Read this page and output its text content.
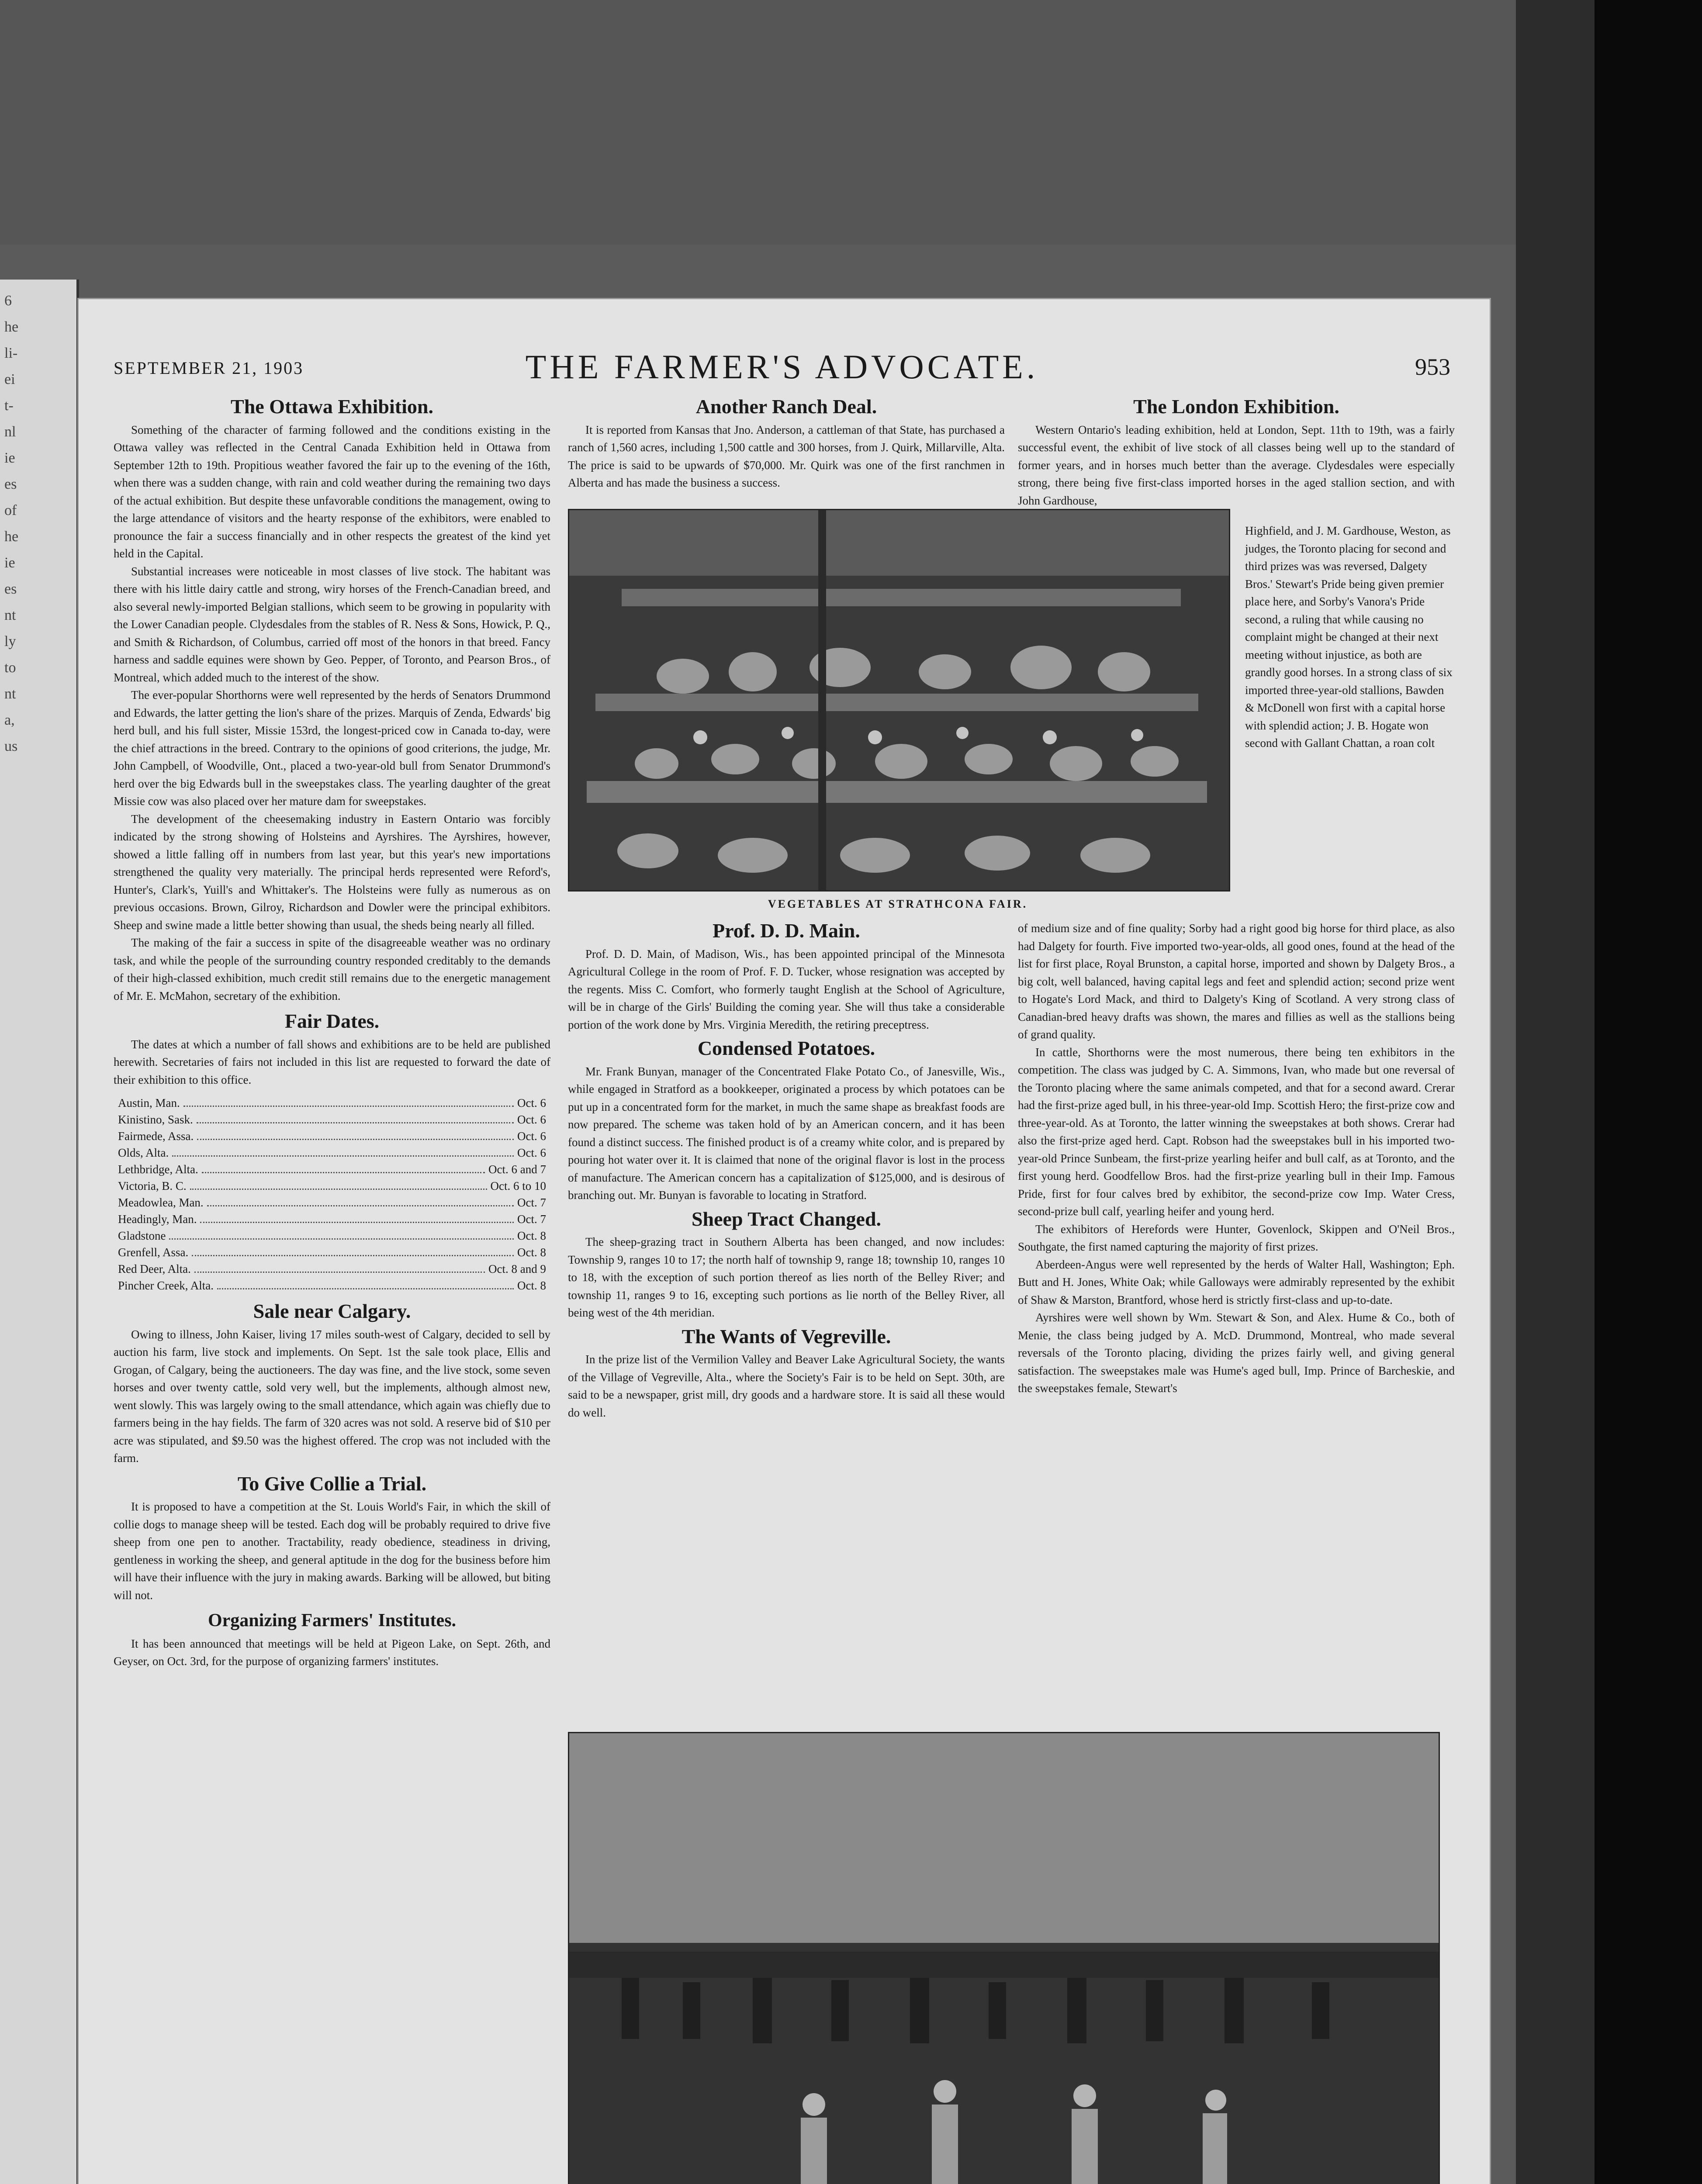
6
he
li-
ei
t-
nl
ie
es
of
he
ie
es
nt
ly
to
nt
a,
us
SEPTEMBER 21, 1903	THE FARMER'S ADVOCATE.	953
The Ottawa Exhibition.

Something of the character of farming followed and the conditions existing in the Ottawa valley was reflected in the Central Canada Exhibition held in Ottawa from September 12th to 19th. Propitious weather favored the fair up to the evening of the 16th, when there was a sudden change, with rain and cold weather during the remaining two days of the actual exhibition. But despite these unfavorable conditions the management, owing to the large attendance of visitors and the hearty response of the exhibitors, were enabled to pronounce the fair a success financially and in other respects the greatest of the kind yet held in the Capital.

Substantial increases were noticeable in most classes of live stock. The habitant was there with his little dairy cattle and strong, wiry horses of the French-Canadian breed, and also several newly-imported Belgian stallions, which seem to be growing in popularity with the Lower Canadian people. Clydesdales from the stables of R. Ness & Sons, Howick, P. Q., and Smith & Richardson, of Columbus, carried off most of the honors in that breed. Fancy harness and saddle equines were shown by Geo. Pepper, of Toronto, and Pearson Bros., of Montreal, which added much to the interest of the show.

The ever-popular Shorthorns were well represented by the herds of Senators Drummond and Edwards, the latter getting the lion's share of the prizes. Marquis of Zenda, Edwards' big herd bull, and his full sister, Missie 153rd, the longest-priced cow in Canada to-day, were the chief attractions in the breed. Contrary to the opinions of good criterions, the judge, Mr. John Campbell, of Woodville, Ont., placed a two-year-old bull from Senator Drummond's herd over the big Edwards bull in the sweepstakes class. The yearling daughter of the great Missie cow was also placed over her mature dam for sweepstakes.

The development of the cheesemaking industry in Eastern Ontario was forcibly indicated by the strong showing of Holsteins and Ayrshires. The Ayrshires, however, showed a little falling off in numbers from last year, but this year's new importations strengthened the quality very materially. The principal herds represented were Reford's, Hunter's, Clark's, Yuill's and Whittaker's. The Holsteins were fully as numerous as on previous occasions. Brown, Gilroy, Richardson and Dowler were the principal exhibitors. Sheep and swine made a little better showing than usual, the sheds being nearly all filled.

The making of the fair a success in spite of the disagreeable weather was no ordinary task, and while the people of the surrounding country responded creditably to the demands of their high-classed exhibition, much credit still remains due to the energetic management of Mr. E. McMahon, secretary of the exhibition.

Fair Dates.

The dates at which a number of fall shows and exhibitions are to be held are published herewith. Secretaries of fairs not included in this list are requested to forward the date of their exhibition to this office.

Austin, Man.	Oct. 6
Kinistino, Sask.	Oct. 6
Fairmede, Assa.	Oct. 6
Olds, Alta.	Oct. 6
Lethbridge, Alta.	Oct. 6 and 7
Victoria, B. C.	Oct. 6 to 10
Meadowlea, Man.	Oct. 7
Headingly, Man.	Oct. 7
Gladstone	Oct. 8
Grenfell, Assa.	Oct. 8
Red Deer, Alta.	Oct. 8 and 9
Pincher Creek, Alta.	Oct. 8
Sale near Calgary.

Owing to illness, John Kaiser, living 17 miles south-west of Calgary, decided to sell by auction his farm, live stock and implements. On Sept. 1st the sale took place, Ellis and Grogan, of Calgary, being the auctioneers. The day was fine, and the live stock, some seven horses and over twenty cattle, sold very well, but the implements, although almost new, went slowly. This was largely owing to the small attendance, which again was chiefly due to farmers being in the hay fields. The farm of 320 acres was not sold. A reserve bid of $10 per acre was stipulated, and $9.50 was the highest offered. The crop was not included with the farm.

To Give Collie a Trial.

It is proposed to have a competition at the St. Louis World's Fair, in which the skill of collie dogs to manage sheep will be tested. Each dog will be probably required to drive five sheep from one pen to another. Tractability, ready obedience, steadiness in driving, gentleness in working the sheep, and general aptitude in the dog for the business before him will have their influence with the jury in making awards. Barking will be allowed, but biting will not.

Organizing Farmers' Institutes.

It has been announced that meetings will be held at Pigeon Lake, on Sept. 26th, and Geyser, on Oct. 3rd, for the purpose of organizing farmers' institutes.

Another Ranch Deal.

It is reported from Kansas that Jno. Anderson, a cattleman of that State, has purchased a ranch of 1,560 acres, including 1,500 cattle and 300 horses, from J. Quirk, Millarville, Alta. The price is said to be upwards of $70,000. Mr. Quirk was one of the first ranchmen in Alberta and has made the business a success.

VEGETABLES AT STRATHCONA FAIR.
Prof. D. D. Main.

Prof. D. D. Main, of Madison, Wis., has been appointed principal of the Minnesota Agricultural College in the room of Prof. F. D. Tucker, whose resignation was accepted by the regents. Miss C. Comfort, who formerly taught English at the School of Agriculture, will be in charge of the Girls' Building the coming year. She will thus take a considerable portion of the work done by Mrs. Virginia Meredith, the retiring preceptress.

Condensed Potatoes.

Mr. Frank Bunyan, manager of the Concentrated Flake Potato Co., of Janesville, Wis., while engaged in Stratford as a bookkeeper, originated a process by which potatoes can be put up in a concentrated form for the market, in much the same shape as breakfast foods are now prepared. The scheme was taken hold of by an American concern, and it has been found a distinct success. The finished product is of a creamy white color, and is prepared by pouring hot water over it. It is claimed that none of the original flavor is lost in the process of manufacture. The American concern has a capitalization of $125,000, and is desirous of branching out. Mr. Bunyan is favorable to locating in Stratford.

Sheep Tract Changed.

The sheep-grazing tract in Southern Alberta has been changed, and now includes: Township 9, ranges 10 to 17; the north half of township 9, range 18; township 10, ranges 10 to 18, with the exception of such portion thereof as lies north of the Belley River; and township 11, ranges 9 to 16, excepting such portions as lie north of the Belley River, all being west of the 4th meridian.

The Wants of Vegreville.

In the prize list of the Vermilion Valley and Beaver Lake Agricultural Society, the wants of the Village of Vegreville, Alta., where the Society's Fair is to be held on Sept. 30th, are said to be a newspaper, grist mill, dry goods and a hardware store. It is said all these would do well.

The London Exhibition.

Western Ontario's leading exhibition, held at London, Sept. 11th to 19th, was a fairly successful event, the exhibit of live stock of all classes being well up to the standard of former years, and in horses much better than the average. Clydesdales were especially strong, there being five first-class imported horses in the aged stallion section, and with John Gardhouse,

Highfield, and J. M. Gardhouse, Weston, as judges, the Toronto placing for second and third prizes was was reversed, Dalgety Bros.' Stewart's Pride being given premier place here, and Sorby's Vanora's Pride second, a ruling that while causing no complaint might be changed at their next meeting without injustice, as both are grandly good horses. In a strong class of six imported three-year-old stallions, Bawden & McDonell won first with a capital horse with splendid action; J. B. Hogate won second with Gallant Chattan, a roan colt

of medium size and of fine quality; Sorby had a right good big horse for third place, as also had Dalgety for fourth. Five imported two-year-olds, all good ones, found at the head of the list for first place, Royal Brunston, a capital horse, imported and shown by Dalgety Bros., a big colt, well balanced, having capital legs and feet and splendid action; second prize went to Hogate's Lord Mack, and third to Dalgety's King of Scotland. A very strong class of Canadian-bred heavy drafts was shown, the mares and fillies as well as the stallions being of grand quality.

In cattle, Shorthorns were the most numerous, there being ten exhibitors in the competition. The class was judged by C. A. Simmons, Ivan, who made but one reversal of the Toronto placing where the same animals competed, and that for a second award. Crerar had the first-prize aged bull, in his three-year-old Imp. Scottish Hero; the first-prize cow and three-year-old. As at Toronto, the latter winning the sweepstakes at both shows. Crerar had also the first-prize aged herd. Capt. Robson had the sweepstakes bull in his imported two-year-old Prince Sunbeam, the first-prize yearling heifer and bull calf, as at Toronto, and the first young herd. Goodfellow Bros. had the first-prize yearling bull in their Imp. Famous Pride, first for four calves bred by exhibitor, the second-prize cow Imp. Water Cress, second-prize bull calf, yearling heifer and young herd.

The exhibitors of Herefords were Hunter, Govenlock, Skippen and O'Neil Bros., Southgate, the first named capturing the majority of first prizes.

Aberdeen-Angus were well represented by the herds of Walter Hall, Washington; Eph. Butt and H. Jones, White Oak; while Galloways were admirably represented by the exhibit of Shaw & Marston, Brantford, whose herd is strictly first-class and up-to-date.

Ayrshires were well shown by Wm. Stewart & Son, and Alex. Hume & Co., both of Menie, the class being judged by A. McD. Drummond, Montreal, who made several reversals of the Toronto placing, dividing the prizes fairly well, and giving general satisfaction. The sweepstakes male was Hume's aged bull, Imp. Prince of Barcheskie, and the sweepstakes female, Stewart's
